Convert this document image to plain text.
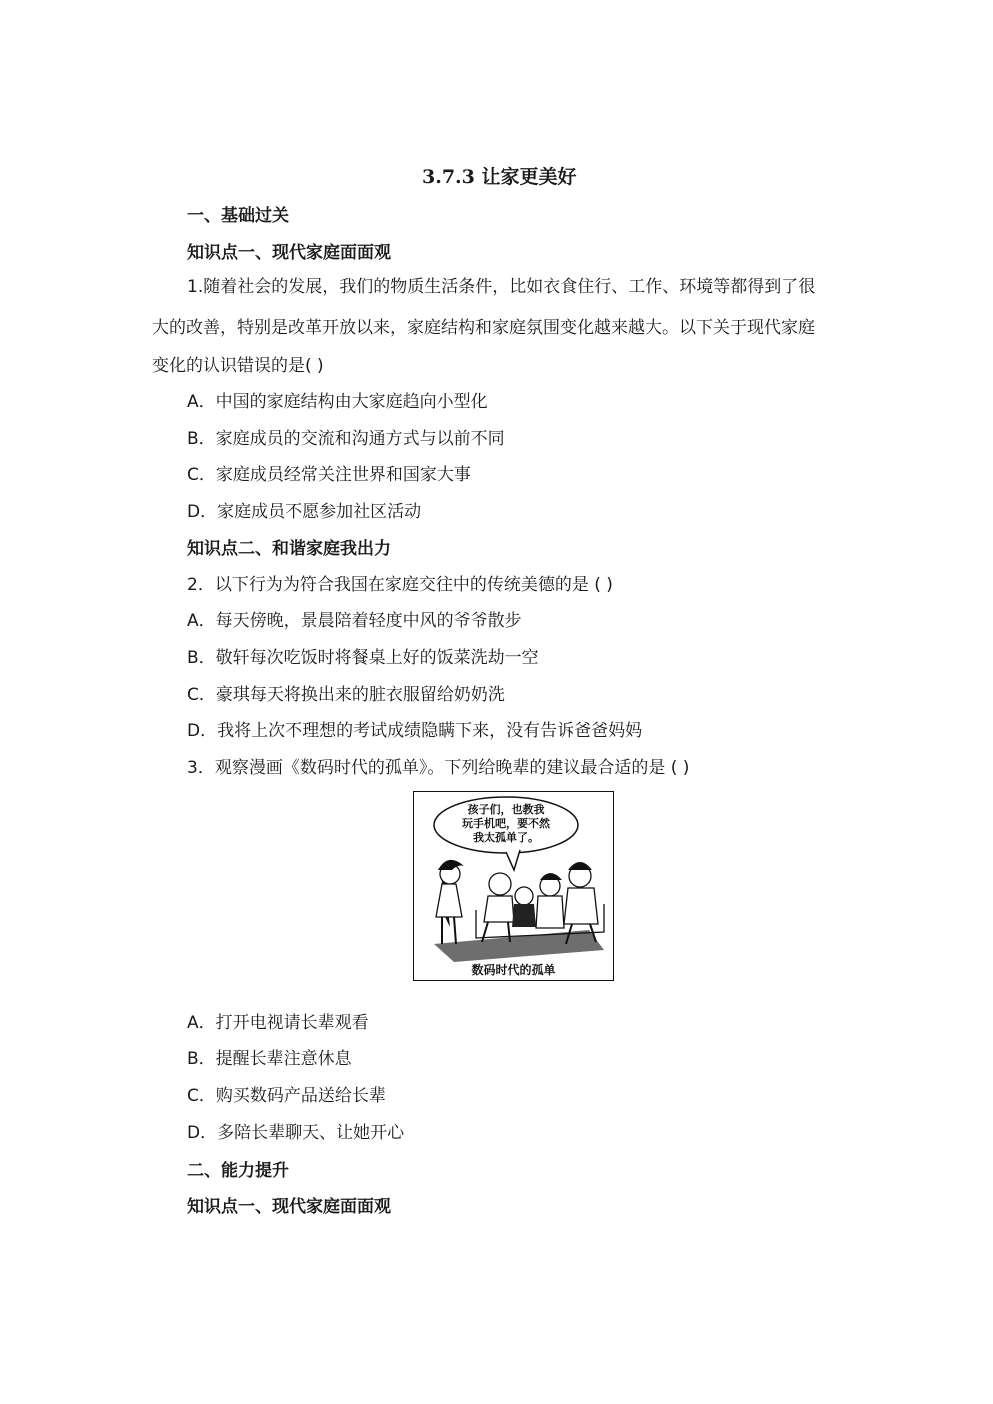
3.7.3 让家更美好
一、基础过关
知识点一、现代家庭面面观
1.随着社会的发展，我们的物质生活条件，比如衣食住行、工作、环境等都得到了很
大的改善，特别是改革开放以来，家庭结构和家庭氛围变化越来越大。以下关于现代家庭
变化的认识错误的是( )
A．中国的家庭结构由大家庭趋向小型化
B．家庭成员的交流和沟通方式与以前不同
C．家庭成员经常关注世界和国家大事
D．家庭成员不愿参加社区活动
知识点二、和谐家庭我出力
2．以下行为为符合我国在家庭交往中的传统美德的是 ( )
A．每天傍晚，景晨陪着轻度中风的爷爷散步
B．敬轩每次吃饭时将餐桌上好的饭菜洗劫一空
C．豪琪每天将换出来的脏衣服留给奶奶洗
D．我将上次不理想的考试成绩隐瞒下来，没有告诉爸爸妈妈
3．观察漫画《数码时代的孤单》。下列给晚辈的建议最合适的是 ( )
孩子们，也教我
玩手机吧，要不然
我太孤单了。
数码时代的孤单
A．打开电视请长辈观看
B．提醒长辈注意休息
C．购买数码产品送给长辈
D．多陪长辈聊天、让她开心
二、能力提升
知识点一、现代家庭面面观
